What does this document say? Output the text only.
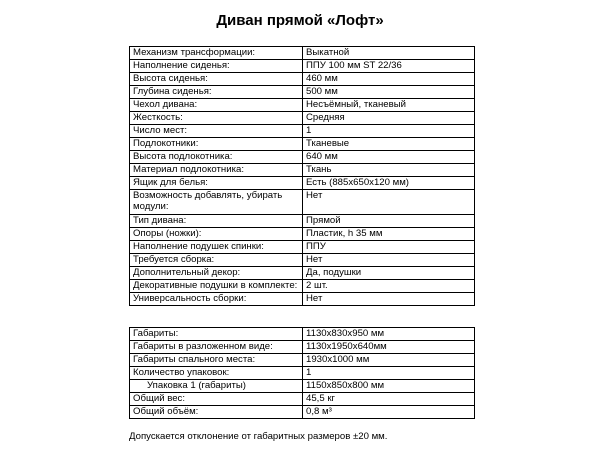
Диван прямой «Лофт»
Механизм трансформации:	Выкатной
Наполнение сиденья:	ППУ 100 мм ST 22/36
Высота сиденья:	460 мм
Глубина сиденья:	500 мм
Чехол дивана:	Несъёмный, тканевый
Жесткость:	Средняя
Число мест:	1
Подлокотники:	Тканевые
Высота подлокотника:	640 мм
Материал подлокотника:	Ткань
Ящик для белья:	Есть (885х650х120 мм)
Возможность добавлять, убирать модули:	Нет
Тип дивана:	Прямой
Опоры (ножки):	Пластик, h 35 мм
Наполнение подушек спинки:	ППУ
Требуется сборка:	Нет
Дополнительный декор:	Да, подушки
Декоративные подушки в комплекте:	2 шт.
Универсальность сборки:	Нет
Габариты:	1130х830х950 мм
Габариты в разложенном виде:	1130х1950х640мм
Габариты спального места:	1930х1000 мм
Количество упаковок:	1
Упаковка 1 (габариты)	1150х850х800 мм
Общий вес:	45,5 кг
Общий объём:	0,8 м³
Допускается отклонение от габаритных размеров ±20 мм.
